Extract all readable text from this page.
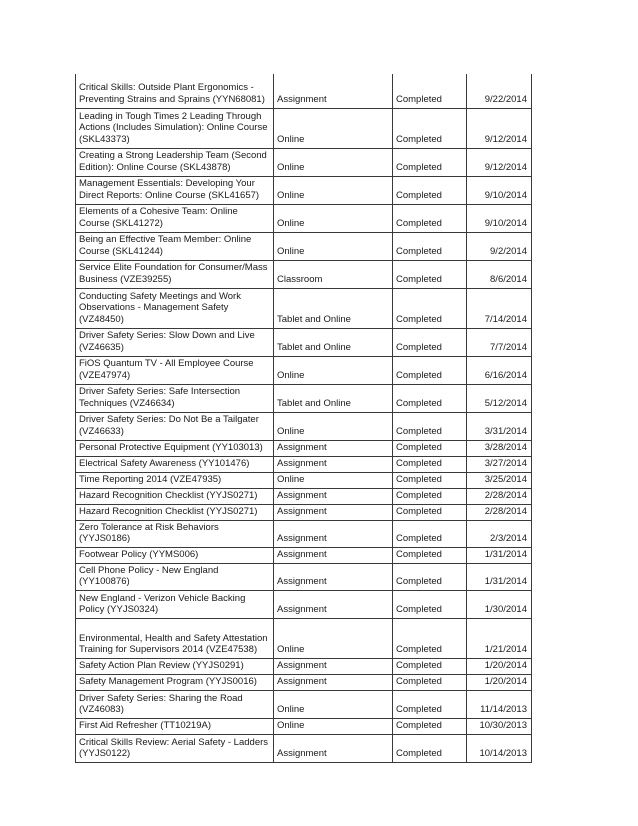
Critical Skills: Outside Plant Ergonomics - Preventing Strains and Sprains (YYN68081)	Assignment	Completed	9/22/2014
Leading in Tough Times 2 Leading Through Actions (Includes Simulation): Online Course (SKL43373)	Online	Completed	9/12/2014
Creating a Strong Leadership Team (Second Edition): Online Course (SKL43878)	Online	Completed	9/12/2014
Management Essentials: Developing Your Direct Reports: Online Course (SKL41657)	Online	Completed	9/10/2014
Elements of a Cohesive Team: Online Course (SKL41272)	Online	Completed	9/10/2014
Being an Effective Team Member: Online Course (SKL41244)	Online	Completed	9/2/2014
Service Elite Foundation for Consumer/Mass Business (VZE39255)	Classroom	Completed	8/6/2014
Conducting Safety Meetings and Work Observations - Management Safety (VZ48450)	Tablet and Online	Completed	7/14/2014
Driver Safety Series: Slow Down and Live (VZ46635)	Tablet and Online	Completed	7/7/2014
FiOS Quantum TV - All Employee Course (VZE47974)	Online	Completed	6/16/2014
Driver Safety Series: Safe Intersection Techniques (VZ46634)	Tablet and Online	Completed	5/12/2014
Driver Safety Series: Do Not Be a Tailgater (VZ46633)	Online	Completed	3/31/2014
Personal Protective Equipment (YY103013)	Assignment	Completed	3/28/2014
Electrical Safety Awareness (YY101476)	Assignment	Completed	3/27/2014
Time Reporting 2014 (VZE47935)	Online	Completed	3/25/2014
Hazard Recognition Checklist (YYJS0271)	Assignment	Completed	2/28/2014
Hazard Recognition Checklist (YYJS0271)	Assignment	Completed	2/28/2014
Zero Tolerance at Risk Behaviors (YYJS0186)	Assignment	Completed	2/3/2014
Footwear Policy (YYMS006)	Assignment	Completed	1/31/2014
Cell Phone Policy - New England (YY100876)	Assignment	Completed	1/31/2014
New England - Verizon Vehicle Backing Policy (YYJS0324)	Assignment	Completed	1/30/2014
Environmental, Health and Safety Attestation Training for Supervisors 2014 (VZE47538)	Online	Completed	1/21/2014
Safety Action Plan Review (YYJS0291)	Assignment	Completed	1/20/2014
Safety Management Program (YYJS0016)	Assignment	Completed	1/20/2014
Driver Safety Series: Sharing the Road (VZ46083)	Online	Completed	11/14/2013
First Aid Refresher (TT10219A)	Online	Completed	10/30/2013
Critical Skills Review: Aerial Safety - Ladders (YYJS0122)	Assignment	Completed	10/14/2013
